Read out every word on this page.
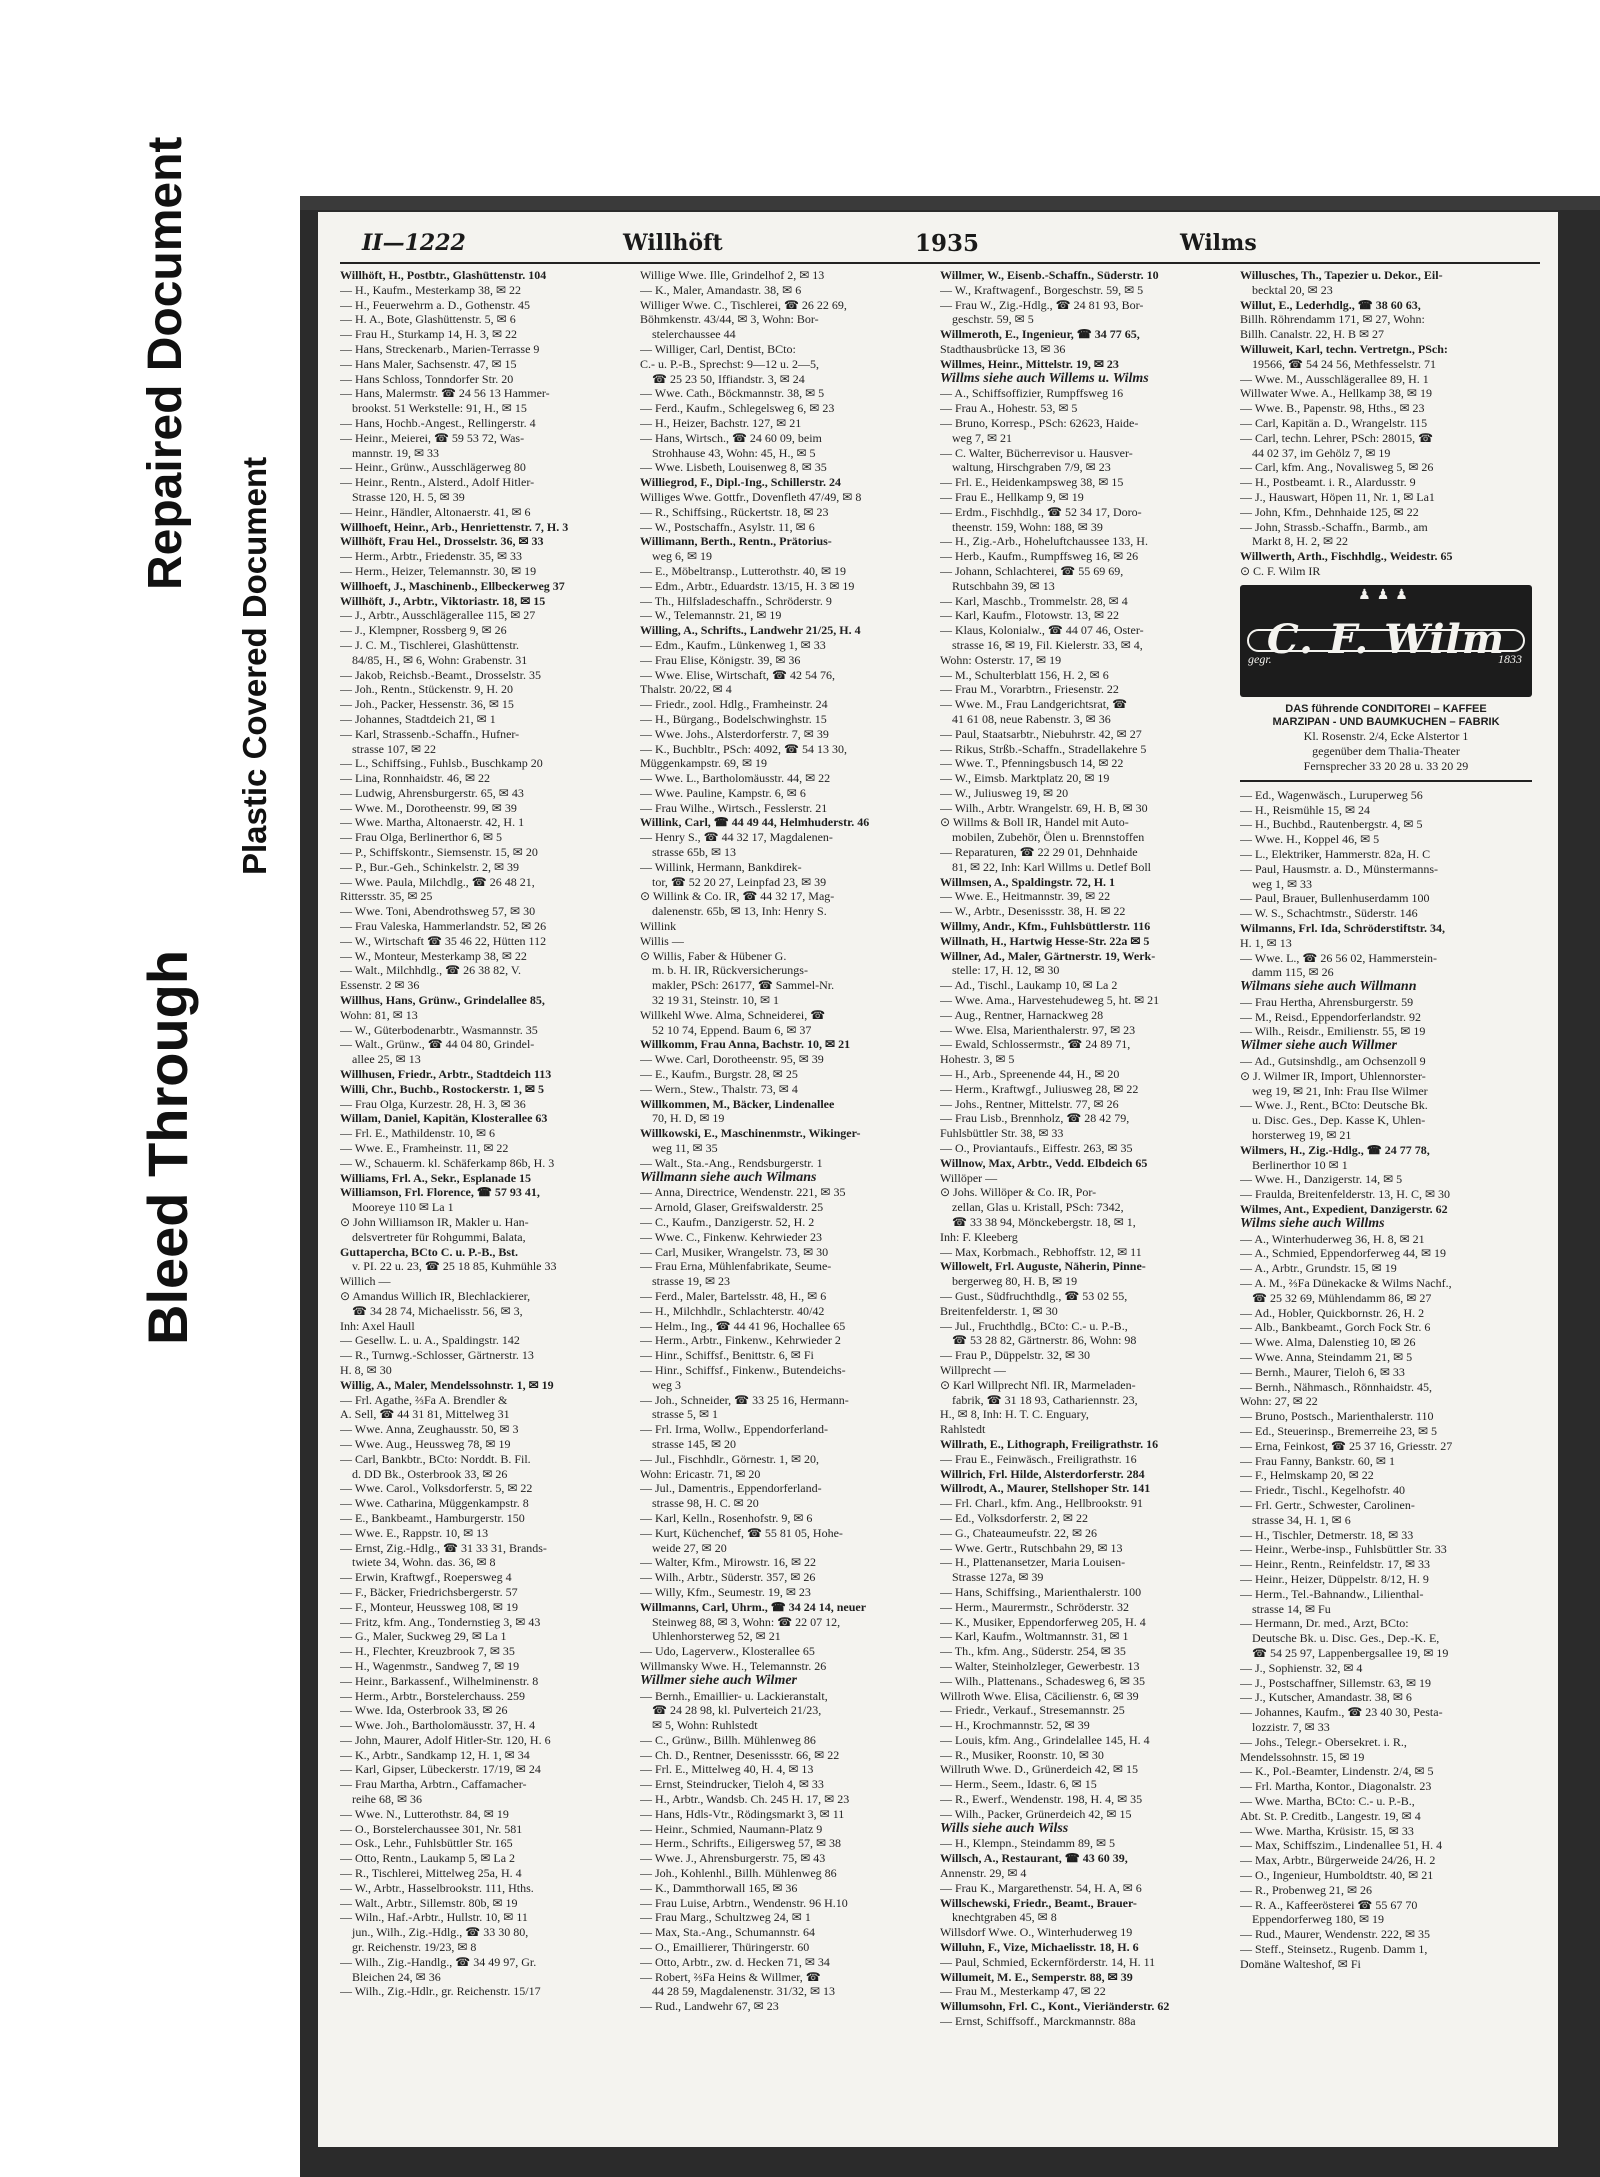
Bleed Through
Repaired Document
Plastic Covered Document
II—1222	Willhöft	1935	Wilms
Willhöft, H., Postbtr., Glashüttenstr. 104
— H., Kaufm., Mesterkamp 38, ✉ 22
— H., Feuerwehrm a. D., Gothenstr. 45
— H. A., Bote, Glashüttenstr. 5, ✉ 6
— Frau H., Sturkamp 14, H. 3, ✉ 22
— Hans, Streckenarb., Marien-Terrasse 9
— Hans Maler, Sachsenstr. 47, ✉ 15
— Hans Schloss, Tonndorfer Str. 20
— Hans, Malermstr. ☎ 24 56 13 Hammer-
brookst. 51 Werkstelle: 91, H., ✉ 15
— Hans, Hochb.-Angest., Rellingerstr. 4
— Heinr., Meierei, ☎ 59 53 72, Was-
mannstr. 19, ✉ 33
— Heinr., Grünw., Ausschlägerweg 80
— Heinr., Rentn., Alsterd., Adolf Hitler-
Strasse 120, H. 5, ✉ 39
— Heinr., Händler, Altonaerstr. 41, ✉ 6
Willhoeft, Heinr., Arb., Henriettenstr. 7, H. 3
Willhöft, Frau Hel., Drosselstr. 36, ✉ 33
— Herm., Arbtr., Friedenstr. 35, ✉ 33
— Herm., Heizer, Telemannstr. 30, ✉ 19
Willhoeft, J., Maschinenb., Ellbeckerweg 37
Willhöft, J., Arbtr., Viktoriastr. 18, ✉ 15
— J., Arbtr., Ausschlägerallee 115, ✉ 27
— J., Klempner, Rossberg 9, ✉ 26
— J. C. M., Tischlerei, Glashüttenstr.
84/85, H., ✉ 6, Wohn: Grabenstr. 31
— Jakob, Reichsb.-Beamt., Drosselstr. 35
— Joh., Rentn., Stückenstr. 9, H. 20
— Joh., Packer, Hessenstr. 36, ✉ 15
— Johannes, Stadtdeich 21, ✉ 1
— Karl, Strassenb.-Schaffn., Hufner-
strasse 107, ✉ 22
— L., Schiffsing., Fuhlsb., Buschkamp 20
— Lina, Ronnhaidstr. 46, ✉ 22
— Ludwig, Ahrensburgerstr. 65, ✉ 43
— Wwe. M., Dorotheenstr. 99, ✉ 39
— Wwe. Martha, Altonaerstr. 42, H. 1
— Frau Olga, Berlinerthor 6, ✉ 5
— P., Schiffskontr., Siemsenstr. 15, ✉ 20
— P., Bur.-Geh., Schinkelstr. 2, ✉ 39
— Wwe. Paula, Milchdlg., ☎ 26 48 21,
Rittersstr. 35, ✉ 25
— Wwe. Toni, Abendrothsweg 57, ✉ 30
— Frau Valeska, Hammerlandstr. 52, ✉ 26
— W., Wirtschaft ☎ 35 46 22, Hütten 112
— W., Monteur, Mesterkamp 38, ✉ 22
— Walt., Milchhdlg., ☎ 26 38 82, V.
Essenstr. 2 ✉ 36
Willhus, Hans, Grünw., Grindelallee 85,
Wohn: 81, ✉ 13
— W., Güterbodenarbtr., Wasmannstr. 35
— Walt., Grünw., ☎ 44 04 80, Grindel-
allee 25, ✉ 13
Willhusen, Friedr., Arbtr., Stadtdeich 113
Willi, Chr., Buchb., Rostockerstr. 1, ✉ 5
— Frau Olga, Kurzestr. 28, H. 3, ✉ 36
Willam, Daniel, Kapitän, Klosterallee 63
— Frl. E., Mathildenstr. 10, ✉ 6
— Wwe. E., Framheinstr. 11, ✉ 22
— W., Schauerm. kl. Schäferkamp 86b, H. 3
Williams, Frl. A., Sekr., Esplanade 15
Williamson, Frl. Florence, ☎ 57 93 41,
Mooreye 110 ✉ La 1
⊙ John Williamson IR, Makler u. Han-
delsvertreter für Rohgummi, Balata,
Guttapercha, BCto C. u. P.-B., Bst.
v. PI. 22 u. 23, ☎ 25 18 85, Kuhmühle 33
Willich —
⊙ Amandus Willich IR, Blechlackierer,
☎ 34 28 74, Michaelisstr. 56, ✉ 3,
Inh: Axel Haull
— Gesellw. L. u. A., Spaldingstr. 142
— R., Turnwg.-Schlosser, Gärtnerstr. 13
H. 8, ✉ 30
Willig, A., Maler, Mendelssohnstr. 1, ✉ 19
— Frl. Agathe, ⅔Fa A. Brendler &
A. Sell, ☎ 44 31 81, Mittelweg 31
— Wwe. Anna, Zeughausstr. 50, ✉ 3
— Wwe. Aug., Heussweg 78, ✉ 19
— Carl, Bankbtr., BCto: Norddt. B. Fil.
d. DD Bk., Osterbrook 33, ✉ 26
— Wwe. Carol., Volksdorferstr. 5, ✉ 22
— Wwe. Catharina, Müggenkampstr. 8
— E., Bankbeamt., Hamburgerstr. 150
— Wwe. E., Rappstr. 10, ✉ 13
— Ernst, Zig.-Hdlg., ☎ 31 33 31, Brands-
twiete 34, Wohn. das. 36, ✉ 8
— Erwin, Kraftwgf., Roepersweg 4
— F., Bäcker, Friedrichsbergerstr. 57
— F., Monteur, Heussweg 108, ✉ 19
— Fritz, kfm. Ang., Tondernstieg 3, ✉ 43
— G., Maler, Suckweg 29, ✉ La 1
— H., Flechter, Kreuzbrook 7, ✉ 35
— H., Wagenmstr., Sandweg 7, ✉ 19
— Heinr., Barkassenf., Wilhelminenstr. 8
— Herm., Arbtr., Borstelerchauss. 259
— Wwe. Ida, Osterbrook 33, ✉ 26
— Wwe. Joh., Bartholomäusstr. 37, H. 4
— John, Maurer, Adolf Hitler-Str. 120, H. 6
— K., Arbtr., Sandkamp 12, H. 1, ✉ 34
— Karl, Gipser, Lübeckerstr. 17/19, ✉ 24
— Frau Martha, Arbtrn., Caffamacher-
reihe 68, ✉ 36
— Wwe. N., Lutterothstr. 84, ✉ 19
— O., Borstelerchaussee 301, Nr. 581
— Osk., Lehr., Fuhlsbüttler Str. 165
— Otto, Rentn., Laukamp 5, ✉ La 2
— R., Tischlerei, Mittelweg 25a, H. 4
— W., Arbtr., Hasselbrookstr. 111, Hths.
— Walt., Arbtr., Sillemstr. 80b, ✉ 19
— Wiln., Haf.-Arbtr., Hullstr. 10, ✉ 11
jun., Wilh., Zig.-Hdlg., ☎ 33 30 80,
gr. Reichenstr. 19/23, ✉ 8
— Wilh., Zig.-Handlg., ☎ 34 49 97, Gr.
Bleichen 24, ✉ 36
— Wilh., Zig.-Hdlr., gr. Reichenstr. 15/17
Willige Wwe. Ille, Grindelhof 2, ✉ 13
— K., Maler, Amandastr. 38, ✉ 6
Williger Wwe. C., Tischlerei, ☎ 26 22 69,
Böhmkenstr. 43/44, ✉ 3, Wohn: Bor-
stelerchaussee 44
— Williger, Carl, Dentist, BCto:
C.- u. P.-B., Sprechst: 9—12 u. 2—5,
☎ 25 23 50, Iffiandstr. 3, ✉ 24
— Wwe. Cath., Böckmannstr. 38, ✉ 5
— Ferd., Kaufm., Schlegelsweg 6, ✉ 23
— H., Heizer, Bachstr. 127, ✉ 21
— Hans, Wirtsch., ☎ 24 60 09, beim
Strohhause 43, Wohn: 45, H., ✉ 5
— Wwe. Lisbeth, Louisenweg 8, ✉ 35
Williegrod, F., Dipl.-Ing., Schillerstr. 24
Williges Wwe. Gottfr., Dovenfleth 47/49, ✉ 8
— R., Schiffsing., Rückertstr. 18, ✉ 23
— W., Postschaffn., Asylstr. 11, ✉ 6
Willimann, Berth., Rentn., Prätorius-
weg 6, ✉ 19
— E., Möbeltransp., Lutterothstr. 40, ✉ 19
— Edm., Arbtr., Eduardstr. 13/15, H. 3 ✉ 19
— Th., Hilfsladeschaffn., Schröderstr. 9
— W., Telemannstr. 21, ✉ 19
Willing, A., Schrifts., Landwehr 21/25, H. 4
— Edm., Kaufm., Lünkenweg 1, ✉ 33
— Frau Elise, Königstr. 39, ✉ 36
— Wwe. Elise, Wirtschaft, ☎ 42 54 76,
Thalstr. 20/22, ✉ 4
— Friedr., zool. Hdlg., Framheinstr. 24
— H., Bürgang., Bodelschwinghstr. 15
— Wwe. Johs., Alsterdorferstr. 7, ✉ 39
— K., Buchbltr., PSch: 4092, ☎ 54 13 30,
Müggenkampstr. 69, ✉ 19
— Wwe. L., Bartholomäusstr. 44, ✉ 22
— Wwe. Pauline, Kampstr. 6, ✉ 6
— Frau Wilhe., Wirtsch., Fesslerstr. 21
Willink, Carl, ☎ 44 49 44, Helmhuderstr. 46
— Henry S., ☎ 44 32 17, Magdalenen-
strasse 65b, ✉ 13
— Willink, Hermann, Bankdirek-
tor, ☎ 52 20 27, Leinpfad 23, ✉ 39
⊙ Willink & Co. IR, ☎ 44 32 17, Mag-
dalenenstr. 65b, ✉ 13, Inh: Henry S.
Willink
Willis —
⊙ Willis, Faber & Hübener G.
m. b. H. IR, Rückversicherungs-
makler, PSch: 26177, ☎ Sammel-Nr.
32 19 31, Steinstr. 10, ✉ 1
Willkehl Wwe. Alma, Schneiderei, ☎
52 10 74, Eppend. Baum 6, ✉ 37
Willkomm, Frau Anna, Bachstr. 10, ✉ 21
— Wwe. Carl, Dorotheenstr. 95, ✉ 39
— E., Kaufm., Burgstr. 28, ✉ 25
— Wern., Stew., Thalstr. 73, ✉ 4
Willkommen, M., Bäcker, Lindenallee
70, H. D, ✉ 19
Willkowski, E., Maschinenmstr., Wikinger-
weg 11, ✉ 35
— Walt., Sta.-Ang., Rendsburgerstr. 1
Willmann siehe auch Wilmans
— Anna, Directrice, Wendenstr. 221, ✉ 35
— Arnold, Glaser, Greifswalderstr. 25
— C., Kaufm., Danzigerstr. 52, H. 2
— Wwe. C., Finkenw. Kehrwieder 23
— Carl, Musiker, Wrangelstr. 73, ✉ 30
— Frau Erna, Mühlenfabrikate, Seume-
strasse 19, ✉ 23
— Ferd., Maler, Bartelsstr. 48, H., ✉ 6
— H., Milchhdlr., Schlachterstr. 40/42
— Helm., Ing., ☎ 44 41 96, Hochallee 65
— Herm., Arbtr., Finkenw., Kehrwieder 2
— Hinr., Schiffsf., Benittstr. 6, ✉ Fi
— Hinr., Schiffsf., Finkenw., Butendeichs-
weg 3
— Joh., Schneider, ☎ 33 25 16, Hermann-
strasse 5, ✉ 1
— Frl. Irma, Wollw., Eppendorferland-
strasse 145, ✉ 20
— Jul., Fischhdlr., Görnestr. 1, ✉ 20,
Wohn: Ericastr. 71, ✉ 20
— Jul., Damentris., Eppendorferland-
strasse 98, H. C. ✉ 20
— Karl, Kelln., Rosenhofstr. 9, ✉ 6
— Kurt, Küchenchef, ☎ 55 81 05, Hohe-
weide 27, ✉ 20
— Walter, Kfm., Mirowstr. 16, ✉ 22
— Wilh., Arbtr., Süderstr. 357, ✉ 26
— Willy, Kfm., Seumestr. 19, ✉ 23
Willmanns, Carl, Uhrm., ☎ 34 24 14, neuer
Steinweg 88, ✉ 3, Wohn: ☎ 22 07 12,
Uhlenhorsterweg 52, ✉ 21
— Udo, Lagerverw., Klosterallee 65
Willmansky Wwe. H., Telemannstr. 26
Willmer siehe auch Wilmer
— Bernh., Emaillier- u. Lackieranstalt,
☎ 24 28 98, kl. Pulverteich 21/23,
✉ 5, Wohn: Ruhlstedt
— C., Grünw., Billh. Mühlenweg 86
— Ch. D., Rentner, Desenissstr. 66, ✉ 22
— Frl. E., Mittelweg 40, H. 4, ✉ 13
— Ernst, Steindrucker, Tieloh 4, ✉ 33
— H., Arbtr., Wandsb. Ch. 245 H. 17, ✉ 23
— Hans, Hdls-Vtr., Rödingsmarkt 3, ✉ 11
— Heinr., Schmied, Naumann-Platz 9
— Herm., Schrifts., Eiligersweg 57, ✉ 38
— Wwe. J., Ahrensburgerstr. 75, ✉ 43
— Joh., Kohlenhl., Billh. Mühlenweg 86
— K., Dammthorwall 165, ✉ 36
— Frau Luise, Arbtrn., Wendenstr. 96 H.10
— Frau Marg., Schultzweg 24, ✉ 1
— Max, Sta.-Ang., Schumannstr. 64
— O., Emaillierer, Thüringerstr. 60
— Otto, Arbtr., zw. d. Hecken 71, ✉ 34
— Robert, ⅔Fa Heins & Willmer, ☎
44 28 59, Magdalenenstr. 31/32, ✉ 13
— Rud., Landwehr 67, ✉ 23
Willmer, W., Eisenb.-Schaffn., Süderstr. 10
— W., Kraftwagenf., Borgeschstr. 59, ✉ 5
— Frau W., Zig.-Hdlg., ☎ 24 81 93, Bor-
geschstr. 59, ✉ 5
Willmeroth, E., Ingenieur, ☎ 34 77 65,
Stadthausbrücke 13, ✉ 36
Willmes, Heinr., Mittelstr. 19, ✉ 23
Willms siehe auch Willems u. Wilms
— A., Schiffsoffizier, Rumpffsweg 16
— Frau A., Hohestr. 53, ✉ 5
— Bruno, Korresp., PSch: 62623, Haide-
weg 7, ✉ 21
— C. Walter, Bücherrevisor u. Hausver-
waltung, Hirschgraben 7/9, ✉ 23
— Frl. E., Heidenkampsweg 38, ✉ 15
— Frau E., Hellkamp 9, ✉ 19
— Erdm., Fischhdlg., ☎ 52 34 17, Doro-
theenstr. 159, Wohn: 188, ✉ 39
— H., Zig.-Arb., Hoheluftchaussee 133, H.
— Herb., Kaufm., Rumpffsweg 16, ✉ 26
— Johann, Schlachterei, ☎ 55 69 69,
Rutschbahn 39, ✉ 13
— Karl, Maschb., Trommelstr. 28, ✉ 4
— Karl, Kaufm., Flotowstr. 13, ✉ 22
— Klaus, Kolonialw., ☎ 44 07 46, Oster-
strasse 16, ✉ 19, Fil. Kielerstr. 33, ✉ 4,
Wohn: Osterstr. 17, ✉ 19
— M., Schulterblatt 156, H. 2, ✉ 6
— Frau M., Vorarbtrn., Friesenstr. 22
— Wwe. M., Frau Landgerichtsrat, ☎
41 61 08, neue Rabenstr. 3, ✉ 36
— Paul, Staatsarbtr., Niebuhrstr. 42, ✉ 27
— Rikus, Strßb.-Schaffn., Stradellakehre 5
— Wwe. T., Pfenningsbusch 14, ✉ 22
— W., Eimsb. Marktplatz 20, ✉ 19
— W., Juliusweg 19, ✉ 20
— Wilh., Arbtr. Wrangelstr. 69, H. B, ✉ 30
⊙ Willms & Boll IR, Handel mit Auto-
mobilen, Zubehör, Ölen u. Brennstoffen
— Reparaturen, ☎ 22 29 01, Dehnhaide
81, ✉ 22, Inh: Karl Willms u. Detlef Boll
Willmsen, A., Spaldingstr. 72, H. 1
— Wwe. E., Heitmannstr. 39, ✉ 22
— W., Arbtr., Desenissstr. 38, H. ✉ 22
Willmy, Andr., Kfm., Fuhlsbüttlerstr. 116
Willnath, H., Hartwig Hesse-Str. 22a ✉ 5
Willner, Ad., Maler, Gärtnerstr. 19, Werk-
stelle: 17, H. 12, ✉ 30
— Ad., Tischl., Laukamp 10, ✉ La 2
— Wwe. Ama., Harvestehudeweg 5, ht. ✉ 21
— Aug., Rentner, Harnackweg 28
— Wwe. Elsa, Marienthalerstr. 97, ✉ 23
— Ewald, Schlossermstr., ☎ 24 89 71,
Hohestr. 3, ✉ 5
— H., Arb., Spreenende 44, H., ✉ 20
— Herm., Kraftwgf., Juliusweg 28, ✉ 22
— Johs., Rentner, Mittelstr. 77, ✉ 26
— Frau Lisb., Brennholz, ☎ 28 42 79,
Fuhlsbüttler Str. 38, ✉ 33
— O., Proviantaufs., Eiffestr. 263, ✉ 35
Willnow, Max, Arbtr., Vedd. Elbdeich 65
Willöper —
⊙ Johs. Willöper & Co. IR, Por-
zellan, Glas u. Kristall, PSch: 7342,
☎ 33 38 94, Mönckebergstr. 18, ✉ 1,
Inh: F. Kleeberg
— Max, Korbmach., Rebhoffstr. 12, ✉ 11
Willowelt, Frl. Auguste, Näherin, Pinne-
bergerweg 80, H. B, ✉ 19
— Gust., Südfruchthdlg., ☎ 53 02 55,
Breitenfelderstr. 1, ✉ 30
— Jul., Fruchthdlg., BCto: C.- u. P.-B.,
☎ 53 28 82, Gärtnerstr. 86, Wohn: 98
— Frau P., Düppelstr. 32, ✉ 30
Willprecht —
⊙ Karl Willprecht Nfl. IR, Marmeladen-
fabrik, ☎ 31 18 93, Cathariennstr. 23,
H., ✉ 8, Inh: H. T. C. Enguary,
Rahlstedt
Willrath, E., Lithograph, Freiligrathstr. 16
— Frau E., Feinwäsch., Freiligrathstr. 16
Willrich, Frl. Hilde, Alsterdorferstr. 284
Willrodt, A., Maurer, Stellshoper Str. 141
— Frl. Charl., kfm. Ang., Hellbrookstr. 91
— Ed., Volksdorferstr. 2, ✉ 22
— G., Chateaumeufstr. 22, ✉ 26
— Wwe. Gertr., Rutschbahn 29, ✉ 13
— H., Plattenansetzer, Maria Louisen-
Strasse 127a, ✉ 39
— Hans, Schiffsing., Marienthalerstr. 100
— Herm., Maurermstr., Schröderstr. 32
— K., Musiker, Eppendorferweg 205, H. 4
— Karl, Kaufm., Woltmannstr. 31, ✉ 1
— Th., kfm. Ang., Süderstr. 254, ✉ 35
— Walter, Steinholzleger, Gewerbestr. 13
— Wilh., Plattenans., Schadesweg 6, ✉ 35
Willroth Wwe. Elisa, Cäcilienstr. 6, ✉ 39
— Friedr., Verkauf., Stresemannstr. 25
— H., Krochmannstr. 52, ✉ 39
— Louis, kfm. Ang., Grindelallee 145, H. 4
— R., Musiker, Roonstr. 10, ✉ 30
Willruth Wwe. D., Grünerdeich 42, ✉ 15
— Herm., Seem., Idastr. 6, ✉ 15
— R., Ewerf., Wendenstr. 198, H. 4, ✉ 35
— Wilh., Packer, Grünerdeich 42, ✉ 15
Wills siehe auch Wilss
— H., Klempn., Steindamm 89, ✉ 5
Willsch, A., Restaurant, ☎ 43 60 39,
Annenstr. 29, ✉ 4
— Frau K., Margarethenstr. 54, H. A, ✉ 6
Willschewski, Friedr., Beamt., Brauer-
knechtgraben 45, ✉ 8
Willsdorf Wwe. O., Winterhuderweg 19
Willuhn, F., Vize, Michaelisstr. 18, H. 6
— Paul, Schmied, Eckernförderstr. 14, H. 11
Willumeit, M. E., Semperstr. 88, ✉ 39
— Frau M., Mesterkamp 47, ✉ 22
Willumsohn, Frl. C., Kont., Vieriänderstr. 62
— Ernst, Schiffsoff., Marckmannstr. 88a
Willusches, Th., Tapezier u. Dekor., Eil-
becktal 20, ✉ 23
Willut, E., Lederhdlg., ☎ 38 60 63,
Billh. Röhrendamm 171, ✉ 27, Wohn:
Billh. Canalstr. 22, H. B ✉ 27
Willuweit, Karl, techn. Vertretgn., PSch:
19566, ☎ 54 24 56, Methfesselstr. 71
— Wwe. M., Ausschlägerallee 89, H. 1
Willwater Wwe. A., Hellkamp 38, ✉ 19
— Wwe. B., Papenstr. 98, Hths., ✉ 23
— Carl, Kapitän a. D., Wrangelstr. 115
— Carl, techn. Lehrer, PSch: 28015, ☎
44 02 37, im Gehölz 7, ✉ 19
— Carl, kfm. Ang., Novalisweg 5, ✉ 26
— H., Postbeamt. i. R., Alardusstr. 9
— J., Hauswart, Höpen 11, Nr. 1, ✉ La1
— John, Kfm., Dehnhaide 125, ✉ 22
— John, Strassb.-Schaffn., Barmb., am
Markt 8, H. 2, ✉ 22
Willwerth, Arth., Fischhdlg., Weidestr. 65
⊙ C. F. Wilm IR
♟♟♟
gegr.
C. F. Wilm
1833
DAS führende CONDITOREI – KAFFEE
MARZIPAN - UND BAUMKUCHEN – FABRIK
Kl. Rosenstr. 2/4, Ecke Alstertor 1
gegenüber dem Thalia-Theater
Fernsprecher 33 20 28 u. 33 20 29
— Ed., Wagenwäsch., Luruperweg 56
— H., Reismühle 15, ✉ 24
— H., Buchbd., Rautenbergstr. 4, ✉ 5
— Wwe. H., Koppel 46, ✉ 5
— L., Elektriker, Hammerstr. 82a, H. C
— Paul, Hausmstr. a. D., Münstermanns-
weg 1, ✉ 33
— Paul, Brauer, Bullenhuserdamm 100
— W. S., Schachtmstr., Süderstr. 146
Wilmanns, Frl. Ida, Schröderstiftstr. 34,
H. 1, ✉ 13
— Wwe. L., ☎ 26 56 02, Hammerstein-
damm 115, ✉ 26
Wilmans siehe auch Willmann
— Frau Hertha, Ahrensburgerstr. 59
— M., Reisd., Eppendorferlandstr. 92
— Wilh., Reisdr., Emilienstr. 55, ✉ 19
Wilmer siehe auch Willmer
— Ad., Gutsinshdlg., am Ochsenzoll 9
⊙ J. Wilmer IR, Import, Uhlennorster-
weg 19, ✉ 21, Inh: Frau Ilse Wilmer
— Wwe. J., Rent., BCto: Deutsche Bk.
u. Disc. Ges., Dep. Kasse K, Uhlen-
horsterweg 19, ✉ 21
Wilmers, H., Zig.-Hdlg., ☎ 24 77 78,
Berlinerthor 10 ✉ 1
— Wwe. H., Danzigerstr. 14, ✉ 5
— Fraulda, Breitenfelderstr. 13, H. C, ✉ 30
Wilmes, Ant., Expedient, Danzigerstr. 62
Wilms siehe auch Willms
— A., Winterhuderweg 36, H. 8, ✉ 21
— A., Schmied, Eppendorferweg 44, ✉ 19
— A., Arbtr., Grundstr. 15, ✉ 19
— A. M., ⅔Fa Dünekacke & Wilms Nachf.,
☎ 25 32 69, Mühlendamm 86, ✉ 27
— Ad., Hobler, Quickbornstr. 26, H. 2
— Alb., Bankbeamt., Gorch Fock Str. 6
— Wwe. Alma, Dalenstieg 10, ✉ 26
— Wwe. Anna, Steindamm 21, ✉ 5
— Bernh., Maurer, Tieloh 6, ✉ 33
— Bernh., Nähmasch., Rönnhaidstr. 45,
Wohn: 27, ✉ 22
— Bruno, Postsch., Marienthalerstr. 110
— Ed., Steuerinsp., Bremerreihe 23, ✉ 5
— Erna, Feinkost, ☎ 25 37 16, Griesstr. 27
— Frau Fanny, Bankstr. 60, ✉ 1
— F., Helmskamp 20, ✉ 22
— Friedr., Tischl., Kegelhofstr. 40
— Frl. Gertr., Schwester, Carolinen-
strasse 34, H. 1, ✉ 6
— H., Tischler, Detmerstr. 18, ✉ 33
— Heinr., Werbe-insp., Fuhlsbüttler Str. 33
— Heinr., Rentn., Reinfeldstr. 17, ✉ 33
— Heinr., Heizer, Düppelstr. 8/12, H. 9
— Herm., Tel.-Bahnandw., Lilienthal-
strasse 14, ✉ Fu
— Hermann, Dr. med., Arzt, BCto:
Deutsche Bk. u. Disc. Ges., Dep.-K. E,
☎ 54 25 97, Lappenbergsallee 19, ✉ 19
— J., Sophienstr. 32, ✉ 4
— J., Postschaffner, Sillemstr. 63, ✉ 19
— J., Kutscher, Amandastr. 38, ✉ 6
— Johannes, Kaufm., ☎ 23 40 30, Pesta-
lozzistr. 7, ✉ 33
— Johs., Telegr.- Obersekret. i. R.,
Mendelssohnstr. 15, ✉ 19
— K., Pol.-Beamter, Lindenstr. 2/4, ✉ 5
— Frl. Martha, Kontor., Diagonalstr. 23
— Wwe. Martha, BCto: C.- u. P.-B.,
Abt. St. P. Creditb., Langestr. 19, ✉ 4
— Wwe. Martha, Krüsistr. 15, ✉ 33
— Max, Schiffszim., Lindenallee 51, H. 4
— Max, Arbtr., Bürgerweide 24/26, H. 2
— O., Ingenieur, Humboldtstr. 40, ✉ 21
— R., Probenweg 21, ✉ 26
— R. A., Kaffeerösterei ☎ 55 67 70
Eppendorferweg 180, ✉ 19
— Rud., Maurer, Wendenstr. 222, ✉ 35
— Steff., Steinsetz., Rugenb. Damm 1,
Domäne Walteshof, ✉ Fi
